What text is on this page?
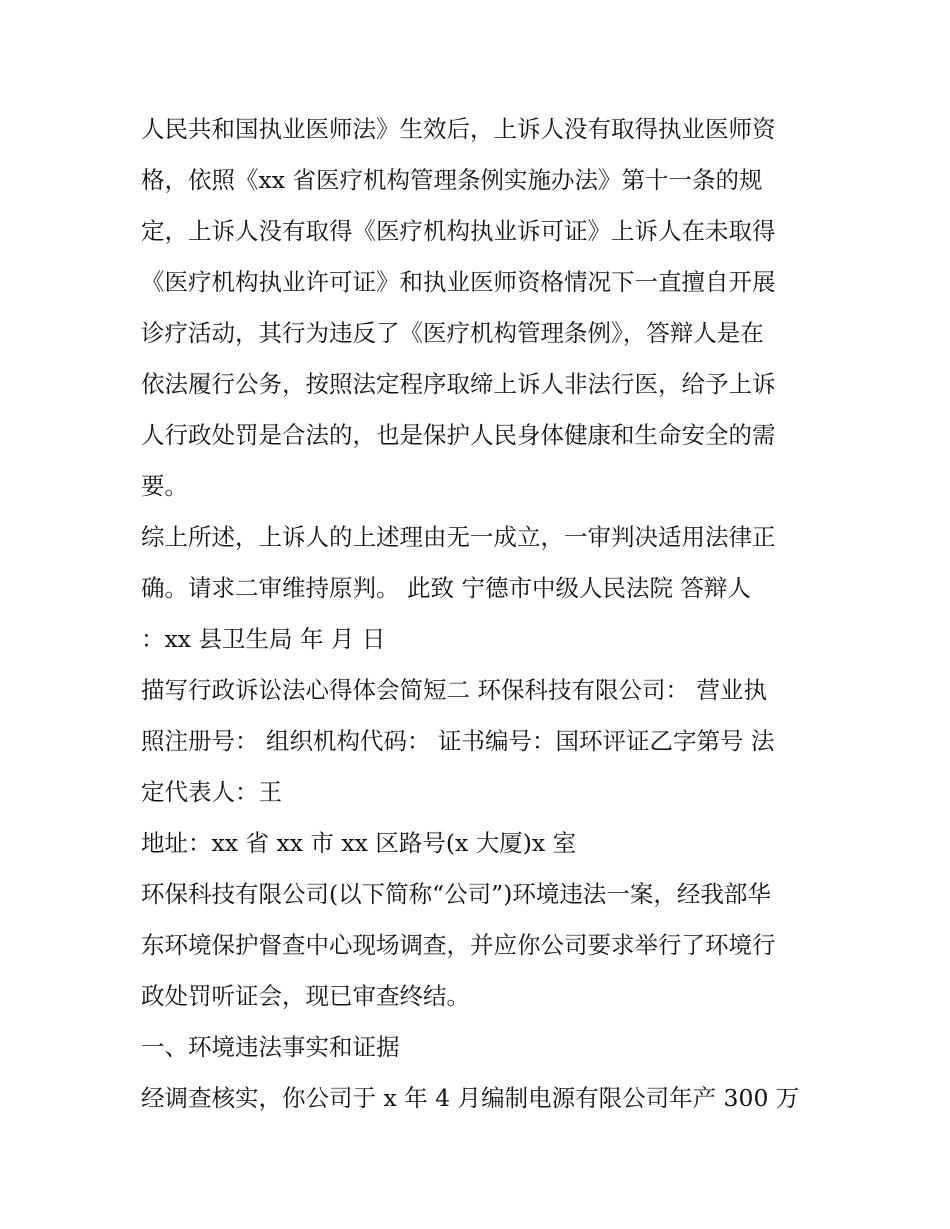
人民共和国执业医师法》生效后，上诉人没有取得执业医师资
格，依照《xx 省医疗机构管理条例实施办法》第十一条的规
定，上诉人没有取得《医疗机构执业诉可证》上诉人在未取得
《医疗机构执业许可证》和执业医师资格情况下一直擅自开展
诊疗活动，其行为违反了《医疗机构管理条例》，答辩人是在
依法履行公务，按照法定程序取缔上诉人非法行医，给予上诉
人行政处罚是合法的，也是保护人民身体健康和生命安全的需
要。
综上所述，上诉人的上述理由无一成立，一审判决适用法律正
确。请求二审维持原判。 此致 宁德市中级人民法院 答辩人
：xx 县卫生局 年 月 日
描写行政诉讼法心得体会简短二 环保科技有限公司： 营业执
照注册号： 组织机构代码： 证书编号：国环评证乙字第号 法
定代表人：王
地址：xx 省 xx 市 xx 区路号(x 大厦)x 室
环保科技有限公司(以下简称“公司”)环境违法一案，经我部华
东环境保护督查中心现场调查，并应你公司要求举行了环境行
政处罚听证会，现已审查终结。
一、环境违法事实和证据
经调查核实，你公司于 x 年 4 月编制电源有限公司年产 300 万
